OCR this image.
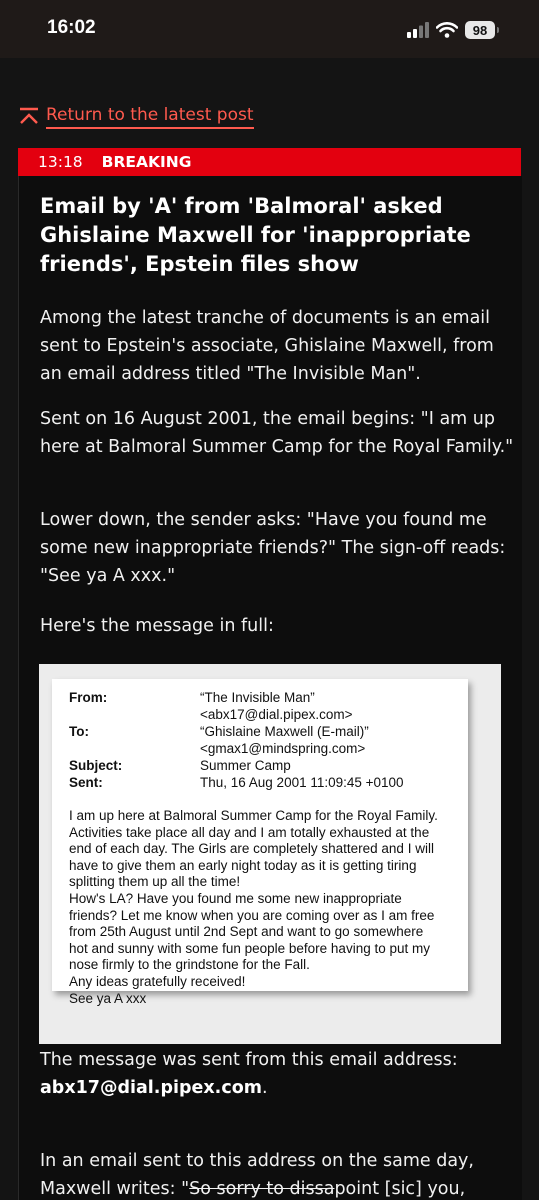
16:02	98
Return to the latest post
13:18 BREAKING
Email by 'A' from 'Balmoral' asked Ghislaine Maxwell for 'inappropriate friends', Epstein files show

Among the latest tranche of documents is an email sent to Epstein's associate, Ghislaine Maxwell, from an email address titled "The Invisible Man".

Sent on 16 August 2001, the email begins: "I am up here at Balmoral Summer Camp for the Royal Family."

Lower down, the sender asks: "Have you found me some new inappropriate friends?" The sign-off reads: "See ya A xxx."

Here's the message in full:

From:	“The Invisible Man”
<abx17@dial.pipex.com>
To:	“Ghislaine Maxwell (E-mail)”
<gmax1@mindspring.com>
Subject:	Summer Camp
Sent:	Thu, 16 Aug 2001 11:09:45 +0100

I am up here at Balmoral Summer Camp for the Royal Family.
Activities take place all day and I am totally exhausted at the
end of each day. The Girls are completely shattered and I will
have to give them an early night today as it is getting tiring
splitting them up all the time!
How's LA? Have you found me some new inappropriate
friends? Let me know when you are coming over as I am free
from 25th August until 2nd Sept and want to go somewhere
hot and sunny with some fun people before having to put my
nose firmly to the grindstone for the Fall.
Any ideas gratefully received!
See ya A xxx

The message was sent from this email address: abx17@dial.pipex.com.

In an email sent to this address on the same day, Maxwell writes: "So sorry to dissapoint [sic] you,
